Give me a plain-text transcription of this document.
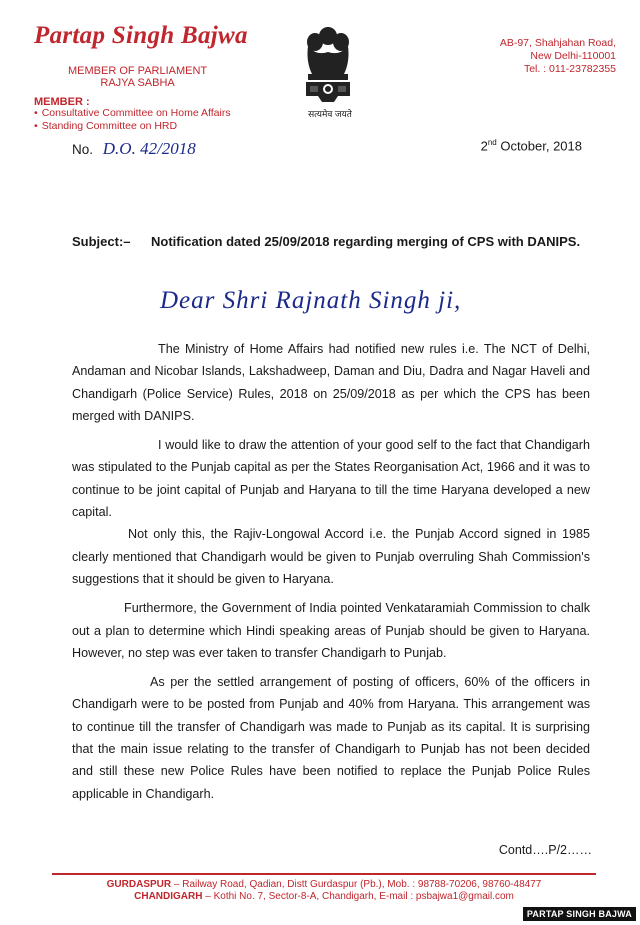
Partap Singh Bajwa
MEMBER OF PARLIAMENT
RAJYA SABHA
MEMBER :
• Consultative Committee on Home Affairs
• Standing Committee on HRD
सत्यमेव जयते
AB-97, Shahjahan Road,
New Delhi-110001
Tel. : 011-23782355
No. D.O. 42/2018	2nd October, 2018
Subject:–	Notification dated 25/09/2018 regarding merging of CPS with DANIPS.
Dear Shri Rajnath Singh ji,

The Ministry of Home Affairs had notified new rules i.e. The NCT of Delhi, Andaman and Nicobar Islands, Lakshadweep, Daman and Diu, Dadra and Nagar Haveli and Chandigarh (Police Service) Rules, 2018 on 25/09/2018 as per which the CPS has been merged with DANIPS.

I would like to draw the attention of your good self to the fact that Chandigarh was stipulated to the Punjab capital as per the States Reorganisation Act, 1966 and it was to continue to be joint capital of Punjab and Haryana to till the time Haryana developed a new capital.

Not only this, the Rajiv-Longowal Accord i.e. the Punjab Accord signed in 1985 clearly mentioned that Chandigarh would be given to Punjab overruling Shah Commission's suggestions that it should be given to Haryana.

Furthermore, the Government of India pointed Venkataramiah Commission to chalk out a plan to determine which Hindi speaking areas of Punjab should be given to Haryana. However, no step was ever taken to transfer Chandigarh to Punjab.

As per the settled arrangement of posting of officers, 60% of the officers in Chandigarh were to be posted from Punjab and 40% from Haryana. This arrangement was to continue till the transfer of Chandigarh was made to Punjab as its capital. It is surprising that the main issue relating to the transfer of Chandigarh to Punjab has not been decided and still these new Police Rules have been notified to replace the Punjab Police Rules applicable in Chandigarh.

Contd….P/2……
GURDASPUR – Railway Road, Qadian, Distt Gurdaspur (Pb.), Mob. : 98788-70206, 98760-48477
CHANDIGARH – Kothi No. 7, Sector-8-A, Chandigarh, E-mail : psbajwa1@gmail.com
PARTAP SINGH BAJWA
